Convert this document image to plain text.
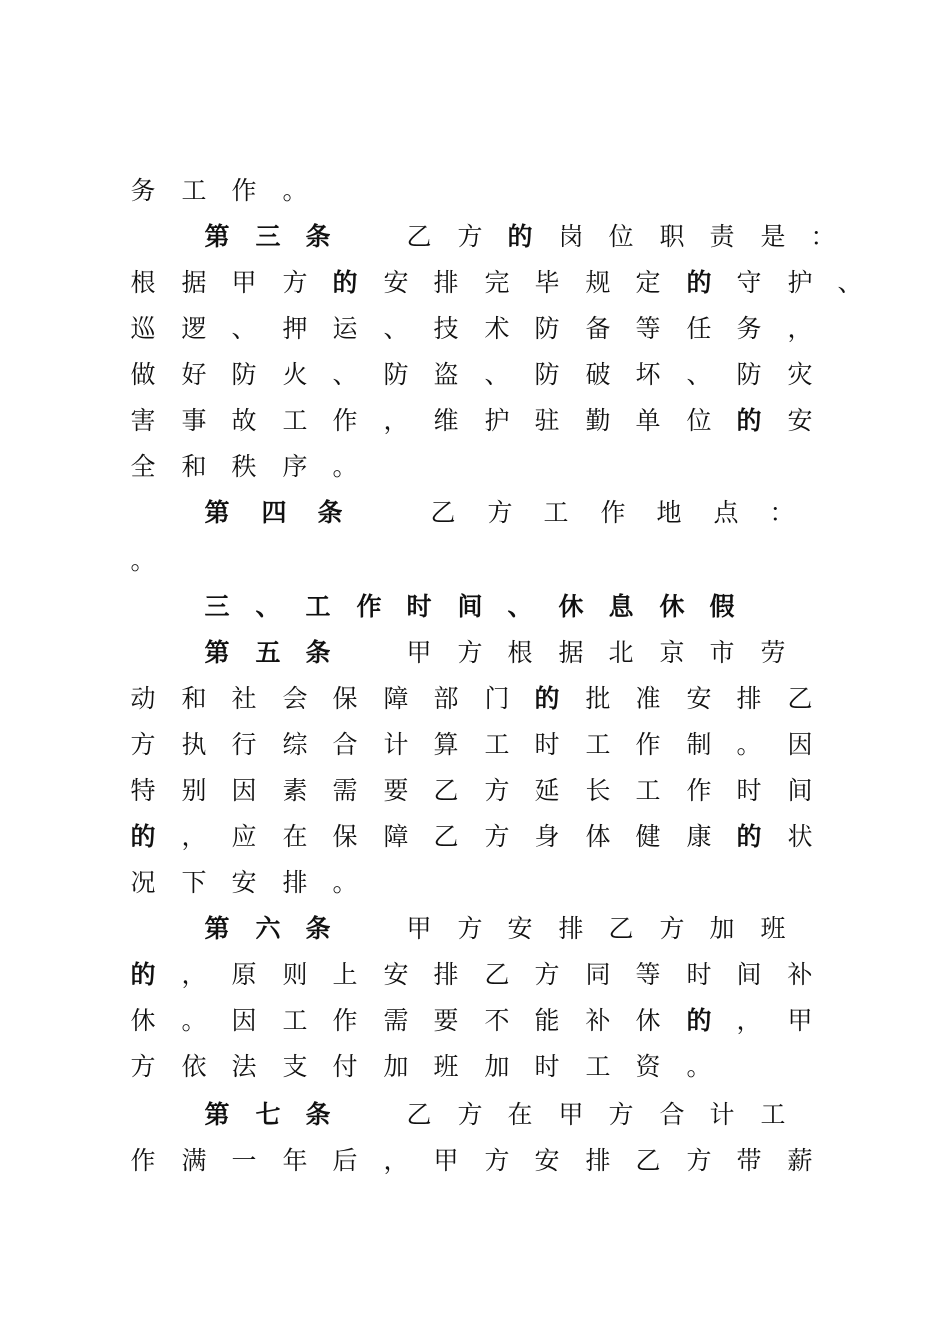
务 工 作 。
第 三 条	乙 方 的 岗 位 职 责 是 ：
根 据 甲 方 的 安 排 完 毕 规 定 的 守 护 、
巡 逻 、 押 运 、 技 术 防 备 等 任 务 ，
做 好 防 火 、 防 盗 、 防 破 坏 、 防 灾
害 事 故 工 作 ， 维 护 驻 勤 单 位 的 安
全 和 秩 序 。
第 四 条	乙 方 工 作 地 点 ：
。
三 、 工 作 时 间 、 休 息 休 假
第 五 条	甲 方 根 据 北 京 市 劳
动 和 社 会 保 障 部 门 的 批 准 安 排 乙
方 执 行 综 合 计 算 工 时 工 作 制 。 因
特 别 因 素 需 要 乙 方 延 长 工 作 时 间
的 ， 应 在 保 障 乙 方 身 体 健 康 的 状
况 下 安 排 。
第 六 条	甲 方 安 排 乙 方 加 班
的 ， 原 则 上 安 排 乙 方 同 等 时 间 补
休 。 因 工 作 需 要 不 能 补 休 的 ， 甲
方 依 法 支 付 加 班 加 时 工 资 。
第 七 条	乙 方 在 甲 方 合 计 工
作 满 一 年 后 ， 甲 方 安 排 乙 方 带 薪
